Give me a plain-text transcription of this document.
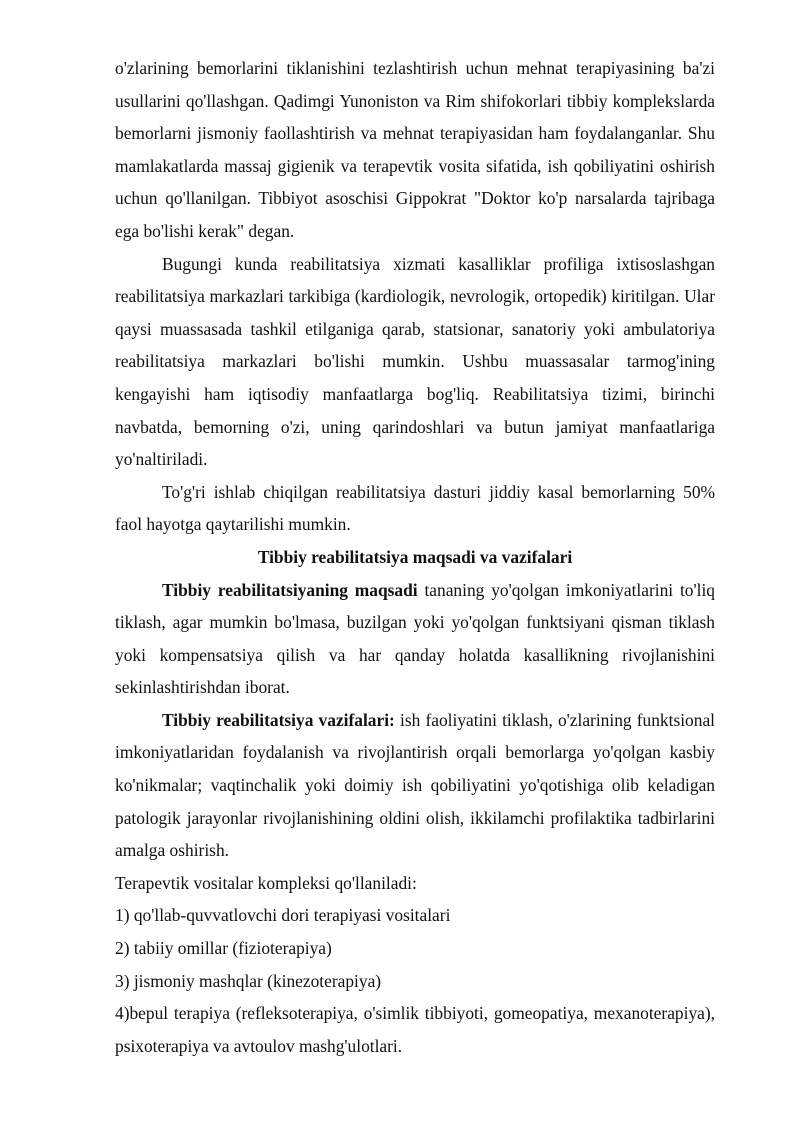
o'zlarining bemorlarini tiklanishini tezlashtirish uchun mehnat terapiyasining ba'zi usullarini qo'llashgan. Qadimgi Yunoniston va Rim shifokorlari tibbiy komplekslarda bemorlarni jismoniy faollashtirish va mehnat terapiyasidan ham foydalanganlar. Shu mamlakatlarda massaj gigienik va terapevtik vosita sifatida, ish qobiliyatini oshirish uchun qo'llanilgan. Tibbiyot asoschisi Gippokrat "Doktor ko'p narsalarda tajribaga ega bo'lishi kerak" degan.

Bugungi kunda reabilitatsiya xizmati kasalliklar profiliga ixtisoslashgan reabilitatsiya markazlari tarkibiga (kardiologik, nevrologik, ortopedik) kiritilgan. Ular qaysi muassasada tashkil etilganiga qarab, statsionar, sanatoriy yoki ambulatoriya reabilitatsiya markazlari bo'lishi mumkin. Ushbu muassasalar tarmog'ining kengayishi ham iqtisodiy manfaatlarga bog'liq. Reabilitatsiya tizimi, birinchi navbatda, bemorning o'zi, uning qarindoshlari va butun jamiyat manfaatlariga yo'naltiriladi.

To'g'ri ishlab chiqilgan reabilitatsiya dasturi jiddiy kasal bemorlarning 50% faol hayotga qaytarilishi mumkin.

Tibbiy reabilitatsiya maqsadi va vazifalari

Tibbiy reabilitatsiyaning maqsadi tananing yo'qolgan imkoniyatlarini to'liq tiklash, agar mumkin bo'lmasa, buzilgan yoki yo'qolgan funktsiyani qisman tiklash yoki kompensatsiya qilish va har qanday holatda kasallikning rivojlanishini sekinlashtirishdan iborat.

Tibbiy reabilitatsiya vazifalari: ish faoliyatini tiklash, o'zlarining funktsional imkoniyatlaridan foydalanish va rivojlantirish orqali bemorlarga yo'qolgan kasbiy ko'nikmalar; vaqtinchalik yoki doimiy ish qobiliyatini yo'qotishiga olib keladigan patologik jarayonlar rivojlanishining oldini olish, ikkilamchi profilaktika tadbirlarini amalga oshirish.

Terapevtik vositalar kompleksi qo'llaniladi:

1) qo'llab-quvvatlovchi dori terapiyasi vositalari
2) tabiiy omillar (fizioterapiya)
3) jismoniy mashqlar (kinezoterapiya)
4)bepul terapiya (refleksoterapiya, o'simlik tibbiyoti, gomeopatiya, mexanoterapiya), psixoterapiya va avtoulov mashg'ulotlari.
